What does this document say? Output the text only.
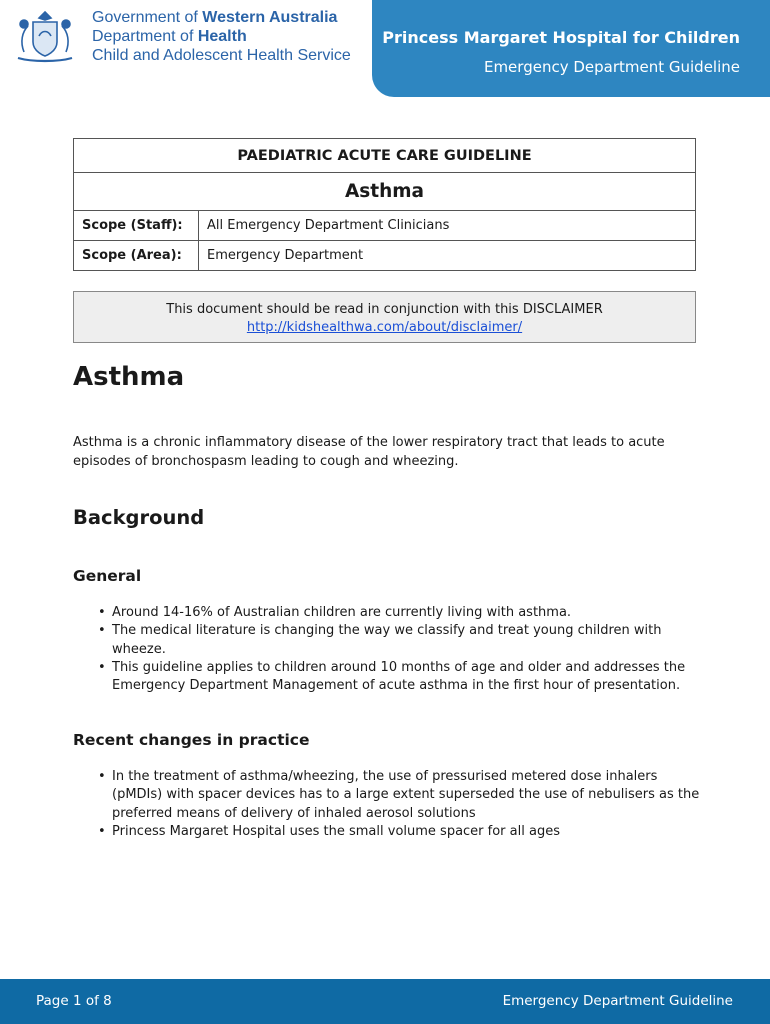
Government of Western Australia
Department of Health
Child and Adolescent Health Service
Princess Margaret Hospital for Children
Emergency Department Guideline
PAEDIATRIC ACUTE CARE GUIDELINE	
Asthma	
Scope (Staff):	All Emergency Department Clinicians
Scope (Area):	Emergency Department
This document should be read in conjunction with this DISCLAIMER
http://kidshealthwa.com/about/disclaimer/
Asthma
Asthma is a chronic inflammatory disease of the lower respiratory tract that leads to acute episodes of bronchospasm leading to cough and wheezing.
Background
General
• Around 14-16% of Australian children are currently living with asthma.
• The medical literature is changing the way we classify and treat young children with wheeze.
• This guideline applies to children around 10 months of age and older and addresses the Emergency Department Management of acute asthma in the first hour of presentation.
Recent changes in practice
• In the treatment of asthma/wheezing, the use of pressurised metered dose inhalers (pMDIs) with spacer devices has to a large extent superseded the use of nebulisers as the preferred means of delivery of inhaled aerosol solutions
• Princess Margaret Hospital uses the small volume spacer for all ages
Page 1 of 8	Emergency Department Guideline
